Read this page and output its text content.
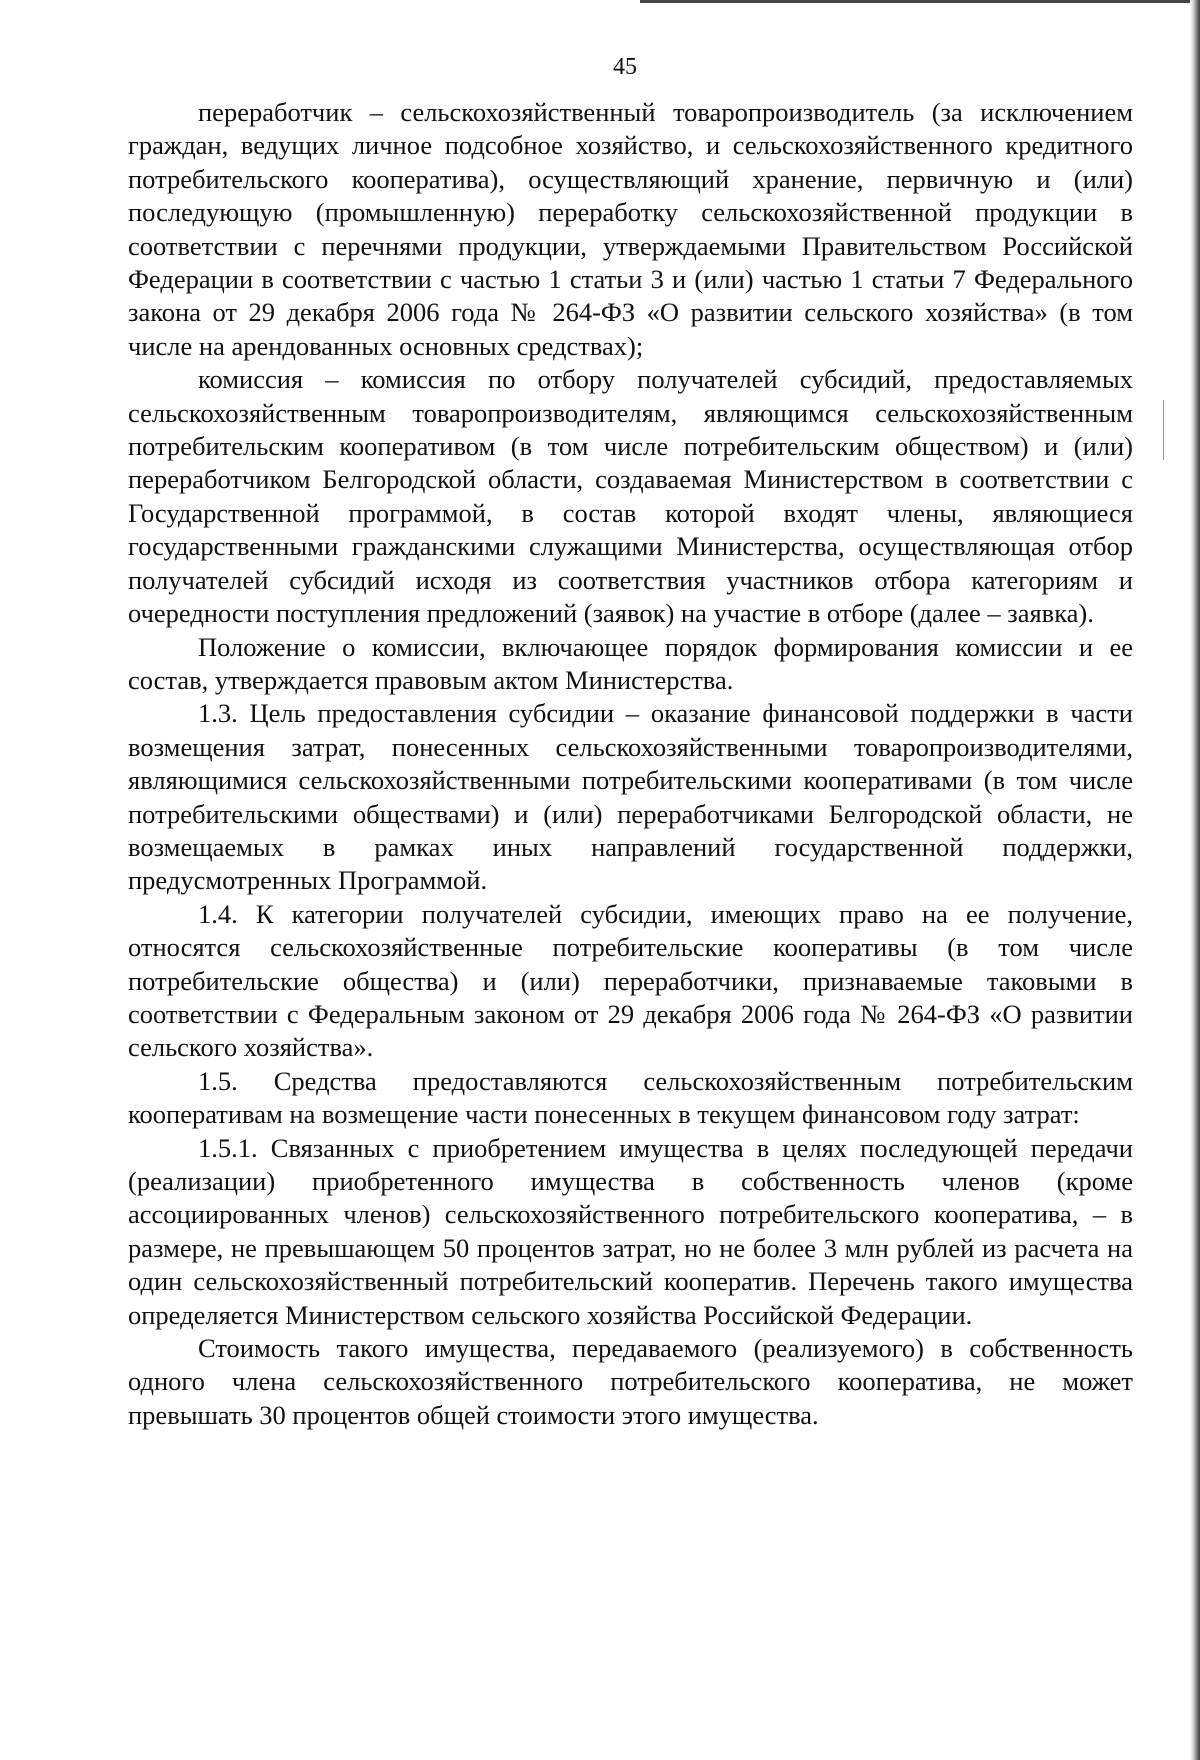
45

переработчик – сельскохозяйственный товаропроизводитель (за исключением граждан, ведущих личное подсобное хозяйство, и сельскохозяйственного кредитного потребительского кооператива), осуществляющий хранение, первичную и (или) последующую (промышленную) переработку сельскохозяйственной продукции в соответствии с перечнями продукции, утверждаемыми Правительством Российской Федерации в соответствии с частью 1 статьи 3 и (или) частью 1 статьи 7 Федерального закона от 29 декабря 2006 года № 264-ФЗ «О развитии сельского хозяйства» (в том числе на арендованных основных средствах);

комиссия – комиссия по отбору получателей субсидий, предоставляемых сельскохозяйственным товаропроизводителям, являющимся сельскохозяйственным потребительским кооперативом (в том числе потребительским обществом) и (или) переработчиком Белгородской области, создаваемая Министерством в соответствии с Государственной программой, в состав которой входят члены, являющиеся государственными гражданскими служащими Министерства, осуществляющая отбор получателей субсидий исходя из соответствия участников отбора категориям и очередности поступления предложений (заявок) на участие в отборе (далее – заявка).

Положение о комиссии, включающее порядок формирования комиссии и ее состав, утверждается правовым актом Министерства.

1.3. Цель предоставления субсидии – оказание финансовой поддержки в части возмещения затрат, понесенных сельскохозяйственными товаропроизводителями, являющимися сельскохозяйственными потребительскими кооперативами (в том числе потребительскими обществами) и (или) переработчиками Белгородской области, не возмещаемых в рамках иных направлений государственной поддержки, предусмотренных Программой.

1.4. К категории получателей субсидии, имеющих право на ее получение, относятся сельскохозяйственные потребительские кооперативы (в том числе потребительские общества) и (или) переработчики, признаваемые таковыми в соответствии с Федеральным законом от 29 декабря 2006 года № 264-ФЗ «О развитии сельского хозяйства».

1.5. Средства предоставляются сельскохозяйственным потребительским кооперативам на возмещение части понесенных в текущем финансовом году затрат:

1.5.1. Связанных с приобретением имущества в целях последующей передачи (реализации) приобретенного имущества в собственность членов (кроме ассоциированных членов) сельскохозяйственного потребительского кооператива, – в размере, не превышающем 50 процентов затрат, но не более 3 млн рублей из расчета на один сельскохозяйственный потребительский кооператив. Перечень такого имущества определяется Министерством сельского хозяйства Российской Федерации.

Стоимость такого имущества, передаваемого (реализуемого) в собственность одного члена сельскохозяйственного потребительского кооператива, не может превышать 30 процентов общей стоимости этого имущества.
